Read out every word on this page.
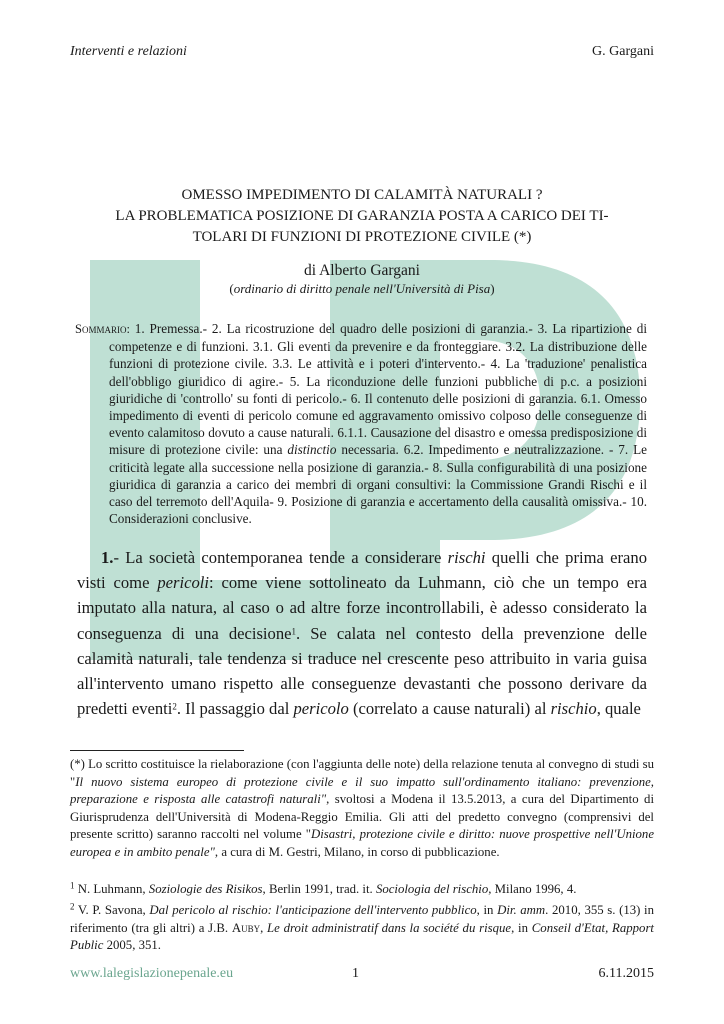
Interventi e relazioni	G. Gargani
OMESSO IMPEDIMENTO DI CALAMITÀ NATURALI ?
LA PROBLEMATICA POSIZIONE DI GARANZIA POSTA A CARICO DEI TI-
TOLARI DI FUNZIONI DI PROTEZIONE CIVILE (*)
di Alberto Gargani
(ordinario di diritto penale nell'Università di Pisa)

Sommario: 1. Premessa.- 2. La ricostruzione del quadro delle posizioni di garanzia.- 3. La ripartizione di competenze e di funzioni. 3.1. Gli eventi da prevenire e da fronteggiare. 3.2. La distribuzione delle funzioni di protezione civile. 3.3. Le attività e i poteri d'intervento.- 4. La 'traduzione' penalistica dell'obbligo giuridico di agire.- 5. La riconduzione delle funzioni pubbliche di p.c. a posizioni giuridiche di 'controllo' su fonti di pericolo.- 6. Il contenuto delle posizioni di garanzia. 6.1. Omesso impedimento di eventi di pericolo comune ed aggravamento omissivo colposo delle conseguenze di evento calamitoso dovuto a cause naturali. 6.1.1. Causazione del disastro e omessa predisposizione di misure di protezione civile: una distinctio necessaria. 6.2. Impedimento e neutralizzazione. - 7. Le criticità legate alla successione nella posizione di garanzia.- 8. Sulla configurabilità di una posizione giuridica di garanzia a carico dei membri di organi consultivi: la Commissione Grandi Rischi e il caso del terremoto dell'Aquila- 9. Posizione di garanzia e accertamento della causalità omissiva.- 10. Considerazioni conclusive.

1.- La società contemporanea tende a considerare rischi quelli che prima erano visti come pericoli: come viene sottolineato da Luhmann, ciò che un tempo era imputato alla natura, al caso o ad altre forze incontrollabili, è adesso considerato la conseguenza di una decisione$^1$. Se calata nel contesto della prevenzione delle calamità naturali, tale tendenza si traduce nel crescente peso attribuito in varia guisa all'intervento umano rispetto alle conseguenze devastanti che possono derivare da predetti eventi$^2$. Il passaggio dal pericolo (correlato a cause naturali) al rischio, quale

(*) Lo scritto costituisce la rielaborazione (con l'aggiunta delle note) della relazione tenuta al convegno di studi su "Il nuovo sistema europeo di protezione civile e il suo impatto sull'ordinamento italiano: prevenzione, preparazione e risposta alle catastrofi naturali", svoltosi a Modena il 13.5.2013, a cura del Dipartimento di Giurisprudenza dell'Università di Modena-Reggio Emilia. Gli atti del predetto convegno (comprensivi del presente scritto) saranno raccolti nel volume "Disastri, protezione civile e diritto: nuove prospettive nell'Unione europea e in ambito penale", a cura di M. Gestri, Milano, in corso di pubblicazione.

$^1$ N. Luhmann, Soziologie des Risikos, Berlin 1991, trad. it. Sociologia del rischio, Milano 1996, 4.

$^2$ V. P. Savona, Dal pericolo al rischio: l'anticipazione dell'intervento pubblico, in Dir. amm. 2010, 355 s. (13) in riferimento (tra gli altri) a J.B. Auby, Le droit administratif dans la société du risque, in Conseil d'Etat, Rapport Public 2005, 351.

www.lalegislazionepenale.eu	1	6.11.2015
